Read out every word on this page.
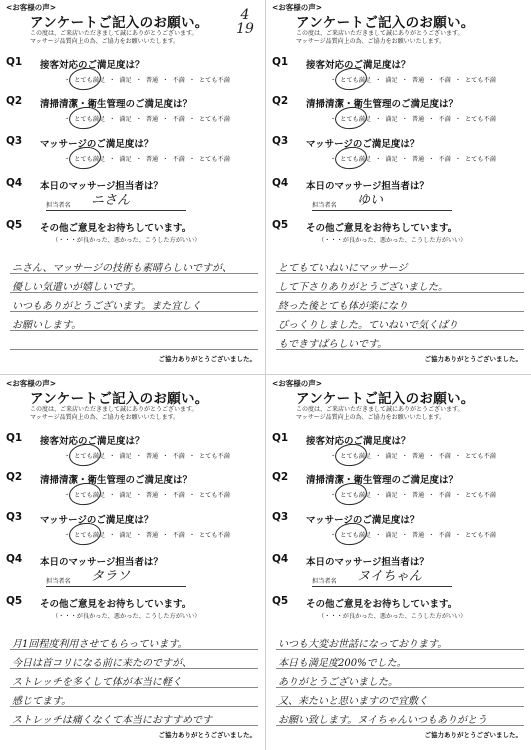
<お客様の声>
アンケートご記入のお願い。
この度は、ご来店いただきまして誠にありがとうございます。
マッサージ品質向上の為、ご協力をお願いいたします。
Q1 接客対応のご満足度は？
・ とても満足 ・ 満足 ・ 普通 ・ 不満 ・ とても不満
Q2 清掃清潔・衛生管理のご満足度は？
・ とても満足 ・ 満足 ・ 普通 ・ 不満 ・ とても不満
Q3 マッサージのご満足度は？
・ とても満足 ・ 満足 ・ 普通 ・ 不満 ・ とても不満
Q4 本日のマッサージ担当者は？
担当者名 ニさん
Q5 その他ご意見をお待ちしています。
（・・・が良かった、悪かった、こうした方がいい）
ニさん、マッサージの技術も素晴らしいですが、
優しい気遣いが嬉しいです。
いつもありがとうございます。また宜しく
お願いします。
ご協力ありがとうございました。
4
19
<お客様の声>
アンケートご記入のお願い。
この度は、ご来店いただきまして誠にありがとうございます。
マッサージ品質向上の為、ご協力をお願いいたします。
Q1 接客対応のご満足度は？
・ とても満足 ・ 満足 ・ 普通 ・ 不満 ・ とても不満
Q2 清掃清潔・衛生管理のご満足度は？
・ とても満足 ・ 満足 ・ 普通 ・ 不満 ・ とても不満
Q3 マッサージのご満足度は？
・ とても満足 ・ 満足 ・ 普通 ・ 不満 ・ とても不満
Q4 本日のマッサージ担当者は？
担当者名 ゆい
Q5 その他ご意見をお待ちしています。
（・・・が良かった、悪かった、こうした方がいい）
とてもていねいにマッサージ
して下さりありがとうございました。
終った後とても体が楽になり
びっくりしました。ていねいで気くばり
もできすばらしいです。
ご協力ありがとうございました。
<お客様の声>
アンケートご記入のお願い。
この度は、ご来店いただきまして誠にありがとうございます。
マッサージ品質向上の為、ご協力をお願いいたします。
Q1 接客対応のご満足度は？
・ とても満足 ・ 満足 ・ 普通 ・ 不満 ・ とても不満
Q2 清掃清潔・衛生管理のご満足度は？
・ とても満足 ・ 満足 ・ 普通 ・ 不満 ・ とても不満
Q3 マッサージのご満足度は？
・ とても満足 ・ 満足 ・ 普通 ・ 不満 ・ とても不満
Q4 本日のマッサージ担当者は？
担当者名 タラソ
Q5 その他ご意見をお待ちしています。
（・・・が良かった、悪かった、こうした方がいい）
月1回程度利用させてもらっています。
今日は首コリになる前に来たのですが、
ストレッチを多くして体が本当に軽く
感じてます。
ストレッチは痛くなくて本当におすすめです
ご協力ありがとうございました。
<お客様の声>
アンケートご記入のお願い。
この度は、ご来店いただきまして誠にありがとうございます。
マッサージ品質向上の為、ご協力をお願いいたします。
Q1 接客対応のご満足度は？
・ とても満足 ・ 満足 ・ 普通 ・ 不満 ・ とても不満
Q2 清掃清潔・衛生管理のご満足度は？
・ とても満足 ・ 満足 ・ 普通 ・ 不満 ・ とても不満
Q3 マッサージのご満足度は？
・ とても満足 ・ 満足 ・ 普通 ・ 不満 ・ とても不満
Q4 本日のマッサージ担当者は？
担当者名 ヌイちゃん
Q5 その他ご意見をお待ちしています。
（・・・が良かった、悪かった、こうした方がいい）
いつも大変お世話になっております。
本日も満足度200%でした。
ありがとうございました。
又、来たいと思いますので宜敷く
お願い致します。ヌイちゃんいつもありがとう
ご協力ありがとうございました。
